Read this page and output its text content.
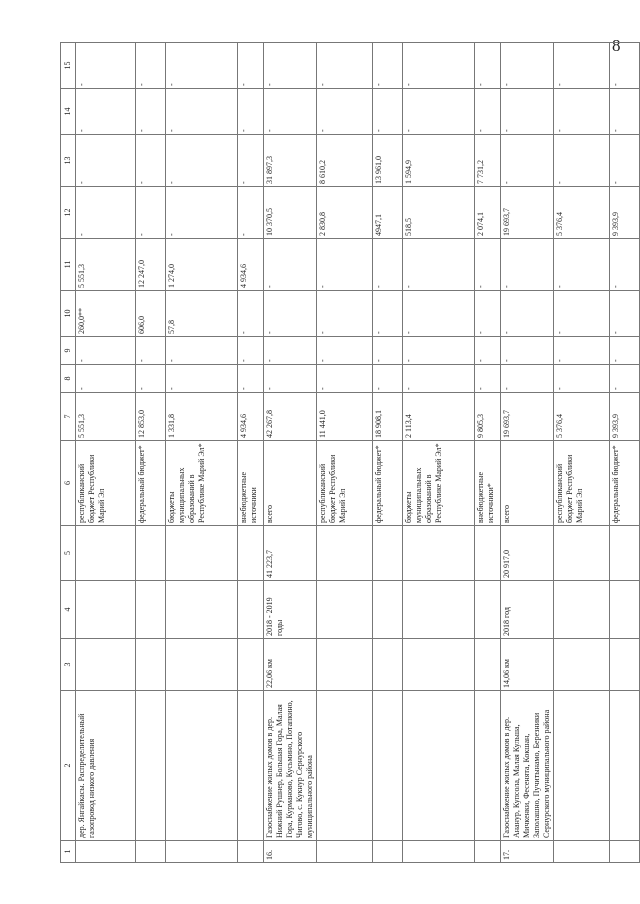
8
1	2	3	4	5	6	7	8	9	10	11	12	13	14	15
	дер. Янгайкасы. Распределительный газопровод низкого давления				республиканский бюджет Республики Марий Эл	5 551,3	-	-	260,0**	5 551,3	-	-	-	-
					федеральный бюджет*	12 853,0	-	-	606,0	12 247,0	-	-	-	-
					бюджеты муниципальных образований в Республике Марий Эл*	1 331,8	-	-	57,8	1 274,0	-	-	-	-
					внебюджетные источники	4 934,6	-	-	-	4 934,6	-	-	-	-
16.	Газоснабжение жилых домов в дер. Нижний Рушнер, Большая Гора, Малая Гора, Курманово, Кусьмино, Потапкино, Чигово, с. Кукнур Сернурского муниципального района	22,06 км	2018 - 2019 годы	41 223,7	всего	42 267,8	-	-	-	-	10 370,5	31 897,3	-	-
					республиканский бюджет Республики Марий Эл	11 441,0	-	-	-	-	2 830,8	8 610,2	-	-
					федеральный бюджет*	18 908,1	-	-	-	-	4947,1	13 961,0	-	-
					бюджеты муниципальных образований в Республике Марий Эл*	2 113,4	-	-	-	-	518,5	1 594,9	-	-
					внебюджетные источники*	9 805,3	-	-	-	-	2 074,1	7 731,2	-	-
17.	Газоснабжение жилых домов в дер. Ананур, Купсола, Малая Кульша, Мичкенки, Фесенята, Кокшан, Заполашно, Пучитынамо, Березники Сернурского муниципального района	14,06 км	2018 год	20 917,0	всего	19 693,7	-	-	-	-	19 693,7	-	-	-
					республиканский бюджет Республики Марий Эл	5 376,4	-	-	-	-	5 376,4	-	-	-
					федеральный бюджет*	9 393,9	-	-	-	-	9 393,9	-	-	-
